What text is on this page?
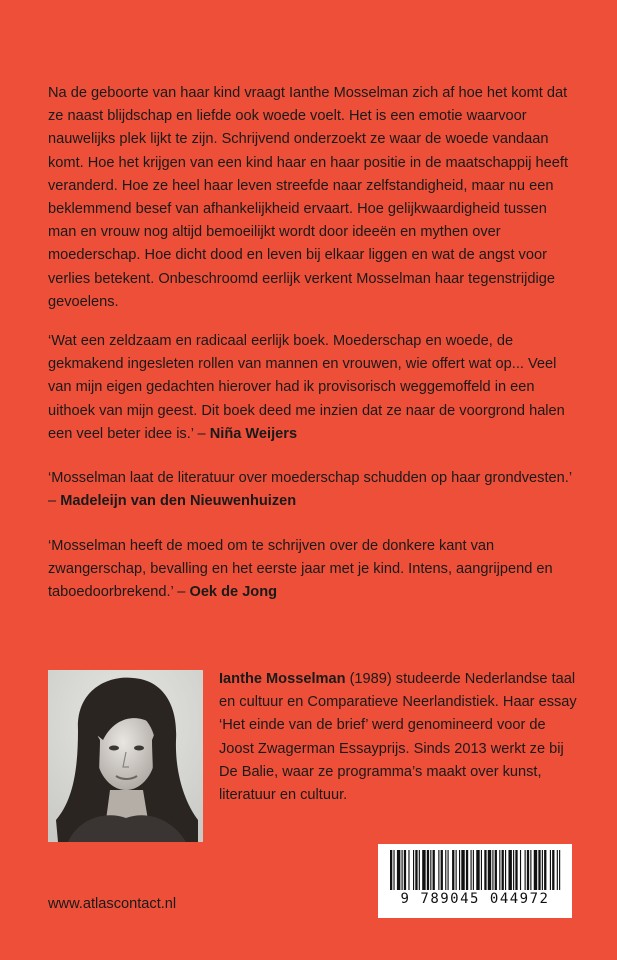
Na de geboorte van haar kind vraagt Ianthe Mosselman zich af hoe het komt dat ze naast blijdschap en liefde ook woede voelt. Het is een emotie waarvoor nauwelijks plek lijkt te zijn. Schrijvend onderzoekt ze waar de woede vandaan komt. Hoe het krijgen van een kind haar en haar positie in de maatschappij heeft veranderd. Hoe ze heel haar leven streefde naar zelfstandigheid, maar nu een beklemmend besef van afhankelijkheid ervaart. Hoe gelijkwaardigheid tussen man en vrouw nog altijd bemoeilijkt wordt door ideeën en mythen over moederschap. Hoe dicht dood en leven bij elkaar liggen en wat de angst voor verlies betekent. Onbeschroomd eerlijk verkent Mosselman haar tegenstrijdige gevoelens.

‘Wat een zeldzaam en radicaal eerlijk boek. Moederschap en woede, de gekmakend ingesleten rollen van mannen en vrouwen, wie offert wat op... Veel van mijn eigen gedachten hierover had ik provisorisch weggemoffeld in een uithoek van mijn geest. Dit boek deed me inzien dat ze naar de voorgrond halen een veel beter idee is.’ – Niña Weijers

‘Mosselman laat de literatuur over moederschap schudden op haar grondvesten.’ – Madeleijn van den Nieuwenhuizen

‘Mosselman heeft de moed om te schrijven over de donkere kant van zwangerschap, bevalling en het eerste jaar met je kind. Intens, aangrijpend en taboedoorbrekend.’ – Oek de Jong

Ianthe Mosselman (1989) studeerde Nederlandse taal en cultuur en Comparatieve Neerlandistiek. Haar essay ‘Het einde van de brief’ werd genomineerd voor de Joost Zwagerman Essayprijs. Sinds 2013 werkt ze bij De Balie, waar ze programma’s maakt over kunst, literatuur en cultuur.

9 789045 044972

www.atlascontact.nl
